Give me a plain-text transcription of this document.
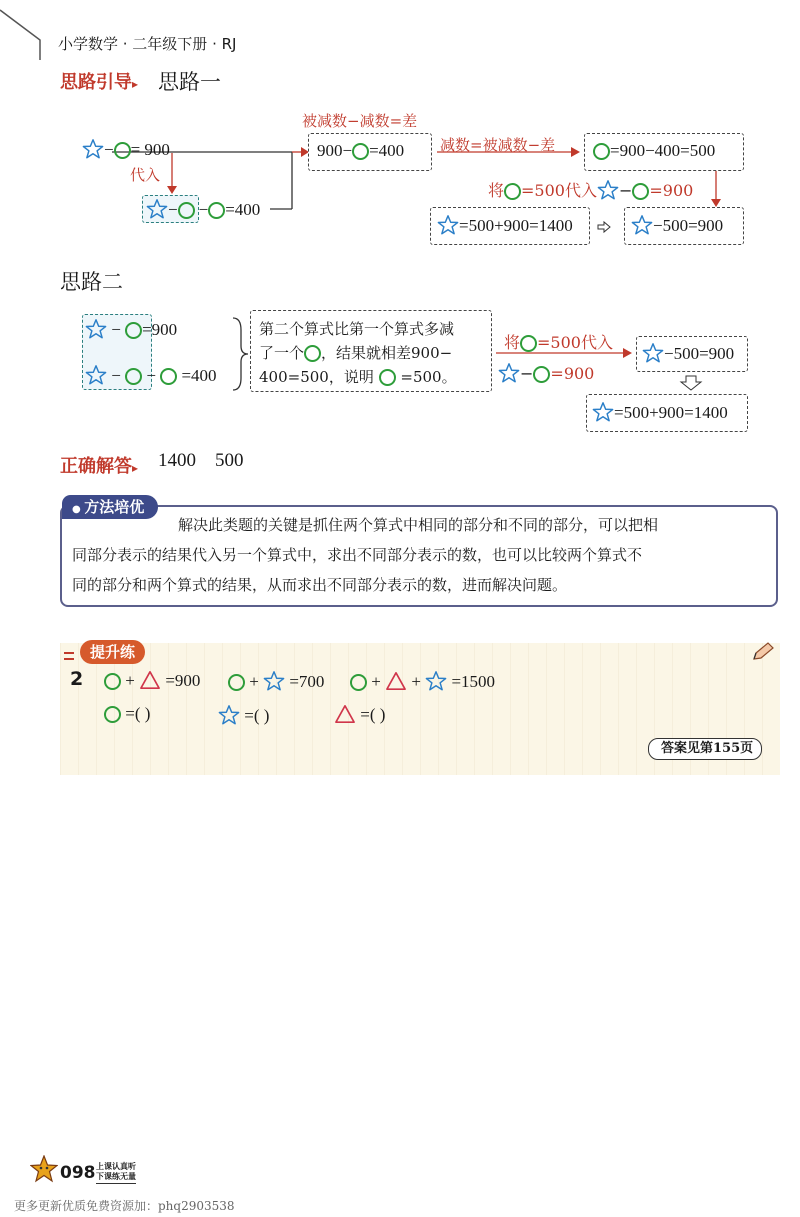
小学数学 · 二年级下册 · RJ
思路引导▸ 思路一
− = 900
代入
− − =400
被减数−减数=差
减数=被减数−差
900− =400	=900−400=500
将 =500代入 − =900
−500=900
=500+900=1400
思路二
− =900
−  −  =400
第二个算式比第一个算式多减
了一个 ，结果就相差900−
400=500，说明 =500。
将 =500代入
− =900
−500=900
=500+900=1400
正确解答▸ 1400 500
● 方法培优
解决此类题的关键是抓住两个算式中相同的部分和不同的部分，可以把相
同部分表示的结果代入另一个算式中，求出不同部分表示的数，也可以比较两个算式不
同的部分和两个算式的结果，从而求出不同部分表示的数，进而解决问题。
提升练
2	+  =900	+  =700	+  +  =1500
=( )	=( )	=( )
答案见第155页
098 上课认真听
下课练无量
更多更新优质免费资源加：phq2903538
